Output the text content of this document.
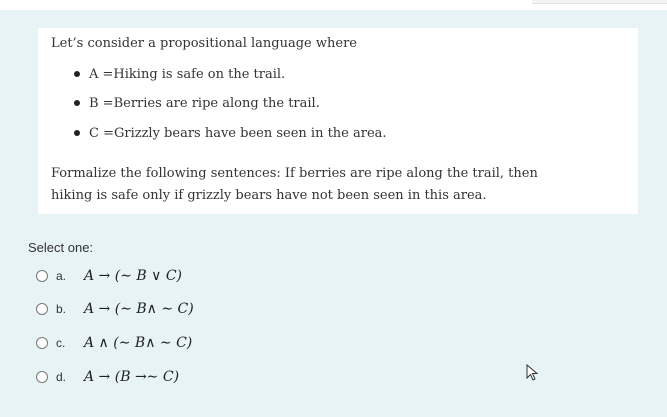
Let’s consider a propositional language where
A =Hiking is safe on the trail.
B =Berries are ripe along the trail.
C =Grizzly bears have been seen in the area.
Formalize the following sentences: If berries are ripe along the trail, then
hiking is safe only if grizzly bears have not been seen in this area.
Select one:
a.	A → (∼ B ∨ C)
b.	A → (∼ B∧ ∼ C)
c.	A ∧ (∼ B∧ ∼ C)
d.	A → (B →∼ C)
